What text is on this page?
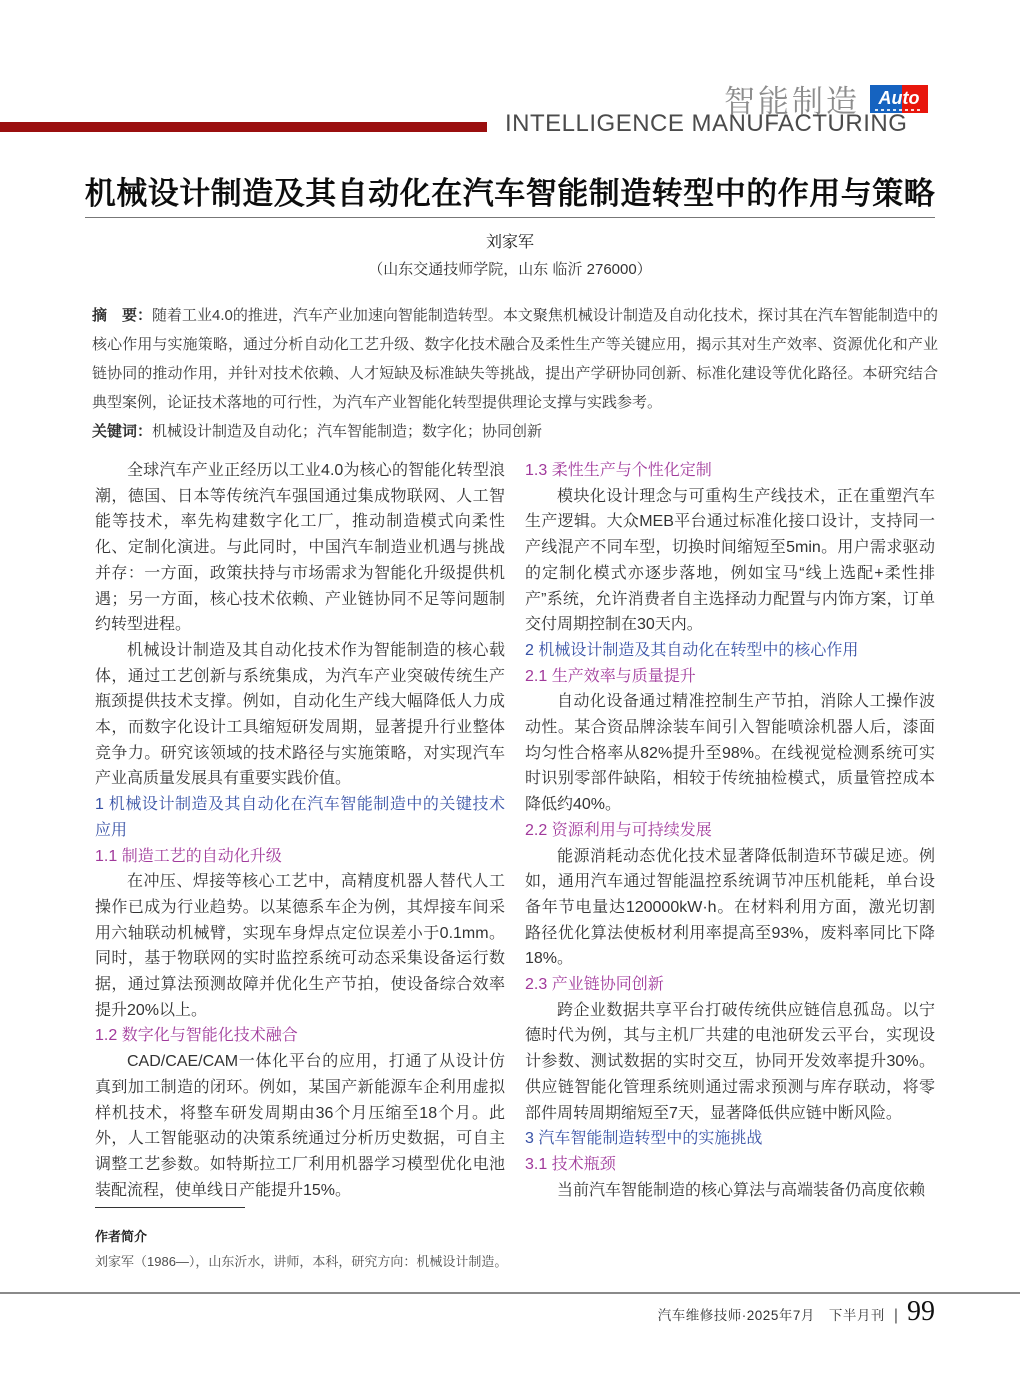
智能制造 Auto
INTELLIGENCE MANUFACTURING
机械设计制造及其自动化在汽车智能制造转型中的作用与策略
刘家军
（山东交通技师学院，山东 临沂 276000）

摘　要：随着工业4.0的推进，汽车产业加速向智能制造转型。本文聚焦机械设计制造及自动化技术，探讨其在汽车智能制造中的核心作用与实施策略，通过分析自动化工艺升级、数字化技术融合及柔性生产等关键应用，揭示其对生产效率、资源优化和产业链协同的推动作用，并针对技术依赖、人才短缺及标准缺失等挑战，提出产学研协同创新、标准化建设等优化路径。本研究结合典型案例，论证技术落地的可行性，为汽车产业智能化转型提供理论支撑与实践参考。

关键词：机械设计制造及自动化；汽车智能制造；数字化；协同创新

全球汽车产业正经历以工业4.0为核心的智能化转型浪潮，德国、日本等传统汽车强国通过集成物联网、人工智能等技术，率先构建数字化工厂，推动制造模式向柔性化、定制化演进。与此同时，中国汽车制造业机遇与挑战并存：一方面，政策扶持与市场需求为智能化升级提供机遇；另一方面，核心技术依赖、产业链协同不足等问题制约转型进程。

机械设计制造及其自动化技术作为智能制造的核心载体，通过工艺创新与系统集成，为汽车产业突破传统生产瓶颈提供技术支撑。例如，自动化生产线大幅降低人力成本，而数字化设计工具缩短研发周期，显著提升行业整体竞争力。研究该领域的技术路径与实施策略，对实现汽车产业高质量发展具有重要实践价值。

1 机械设计制造及其自动化在汽车智能制造中的关键技术应用
1.1 制造工艺的自动化升级

在冲压、焊接等核心工艺中，高精度机器人替代人工操作已成为行业趋势。以某德系车企为例，其焊接车间采用六轴联动机械臂，实现车身焊点定位误差小于0.1mm。同时，基于物联网的实时监控系统可动态采集设备运行数据，通过算法预测故障并优化生产节拍，使设备综合效率提升20%以上。

1.2 数字化与智能化技术融合

CAD/CAE/CAM一体化平台的应用，打通了从设计仿真到加工制造的闭环。例如，某国产新能源车企利用虚拟样机技术，将整车研发周期由36个月压缩至18个月。此外，人工智能驱动的决策系统通过分析历史数据，可自主调整工艺参数。如特斯拉工厂利用机器学习模型优化电池装配流程，使单线日产能提升15%。

1.3 柔性生产与个性化定制

模块化设计理念与可重构生产线技术，正在重塑汽车生产逻辑。大众MEB平台通过标准化接口设计，支持同一产线混产不同车型，切换时间缩短至5min。用户需求驱动的定制化模式亦逐步落地，例如宝马“线上选配+柔性排产”系统，允许消费者自主选择动力配置与内饰方案，订单交付周期控制在30天内。

2 机械设计制造及其自动化在转型中的核心作用
2.1 生产效率与质量提升

自动化设备通过精准控制生产节拍，消除人工操作波动性。某合资品牌涂装车间引入智能喷涂机器人后，漆面均匀性合格率从82%提升至98%。在线视觉检测系统可实时识别零部件缺陷，相较于传统抽检模式，质量管控成本降低约40%。

2.2 资源利用与可持续发展

能源消耗动态优化技术显著降低制造环节碳足迹。例如，通用汽车通过智能温控系统调节冲压机能耗，单台设备年节电量达120000kW·h。在材料利用方面，激光切割路径优化算法使板材利用率提高至93%，废料率同比下降18%。

2.3 产业链协同创新

跨企业数据共享平台打破传统供应链信息孤岛。以宁德时代为例，其与主机厂共建的电池研发云平台，实现设计参数、测试数据的实时交互，协同开发效率提升30%。供应链智能化管理系统则通过需求预测与库存联动，将零部件周转周期缩短至7天，显著降低供应链中断风险。

3 汽车智能制造转型中的实施挑战
3.1 技术瓶颈

当前汽车智能制造的核心算法与高端装备仍高度依赖

作者简介
刘家军（1986—），山东沂水，讲师，本科，研究方向：机械设计制造。
汽车维修技师·2025年7月　下半月刊 | 99
